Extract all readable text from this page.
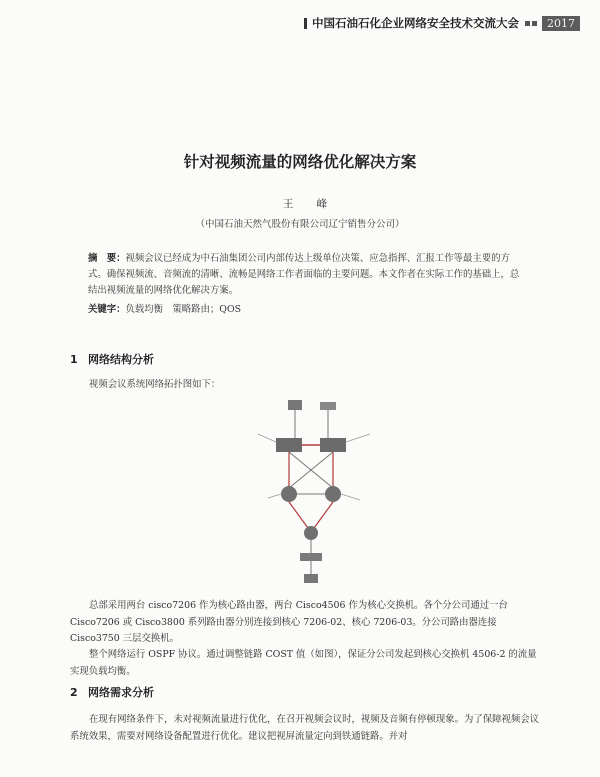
中国石油石化企业网络安全技术交流大会	2017
针对视频流量的网络优化解决方案
王 峰
（中国石油天然气股份有限公司辽宁销售分公司）
摘　要：视频会议已经成为中石油集团公司内部传达上级单位决策、应急指挥、汇报工作等最主要的方式。确保视频流、音频流的清晰、流畅是网络工作者面临的主要问题。本文作者在实际工作的基础上，总结出视频流量的网络优化解决方案。
关键字：负载均衡　策略路由；QOS
1 网络结构分析
视频会议系统网络拓扑图如下：
总部采用两台 cisco7206 作为核心路由器，两台 Cisco4506 作为核心交换机。各个分公司通过一台 Cisco7206 或 Cisco3800 系列路由器分别连接到核心 7206-02、核心 7206-03。分公司路由器连接 Cisco3750 三层交换机。
整个网络运行 OSPF 协议。通过调整链路 COST 值（如图），保证分公司发起到核心交换机 4506-2 的流量实现负载均衡。
2 网络需求分析
在现有网络条件下，未对视频流量进行优化，在召开视频会议时，视频及音频有停顿现象。为了保障视频会议系统效果，需要对网络设备配置进行优化。建议把视屏流量定向到铁通链路。并对
